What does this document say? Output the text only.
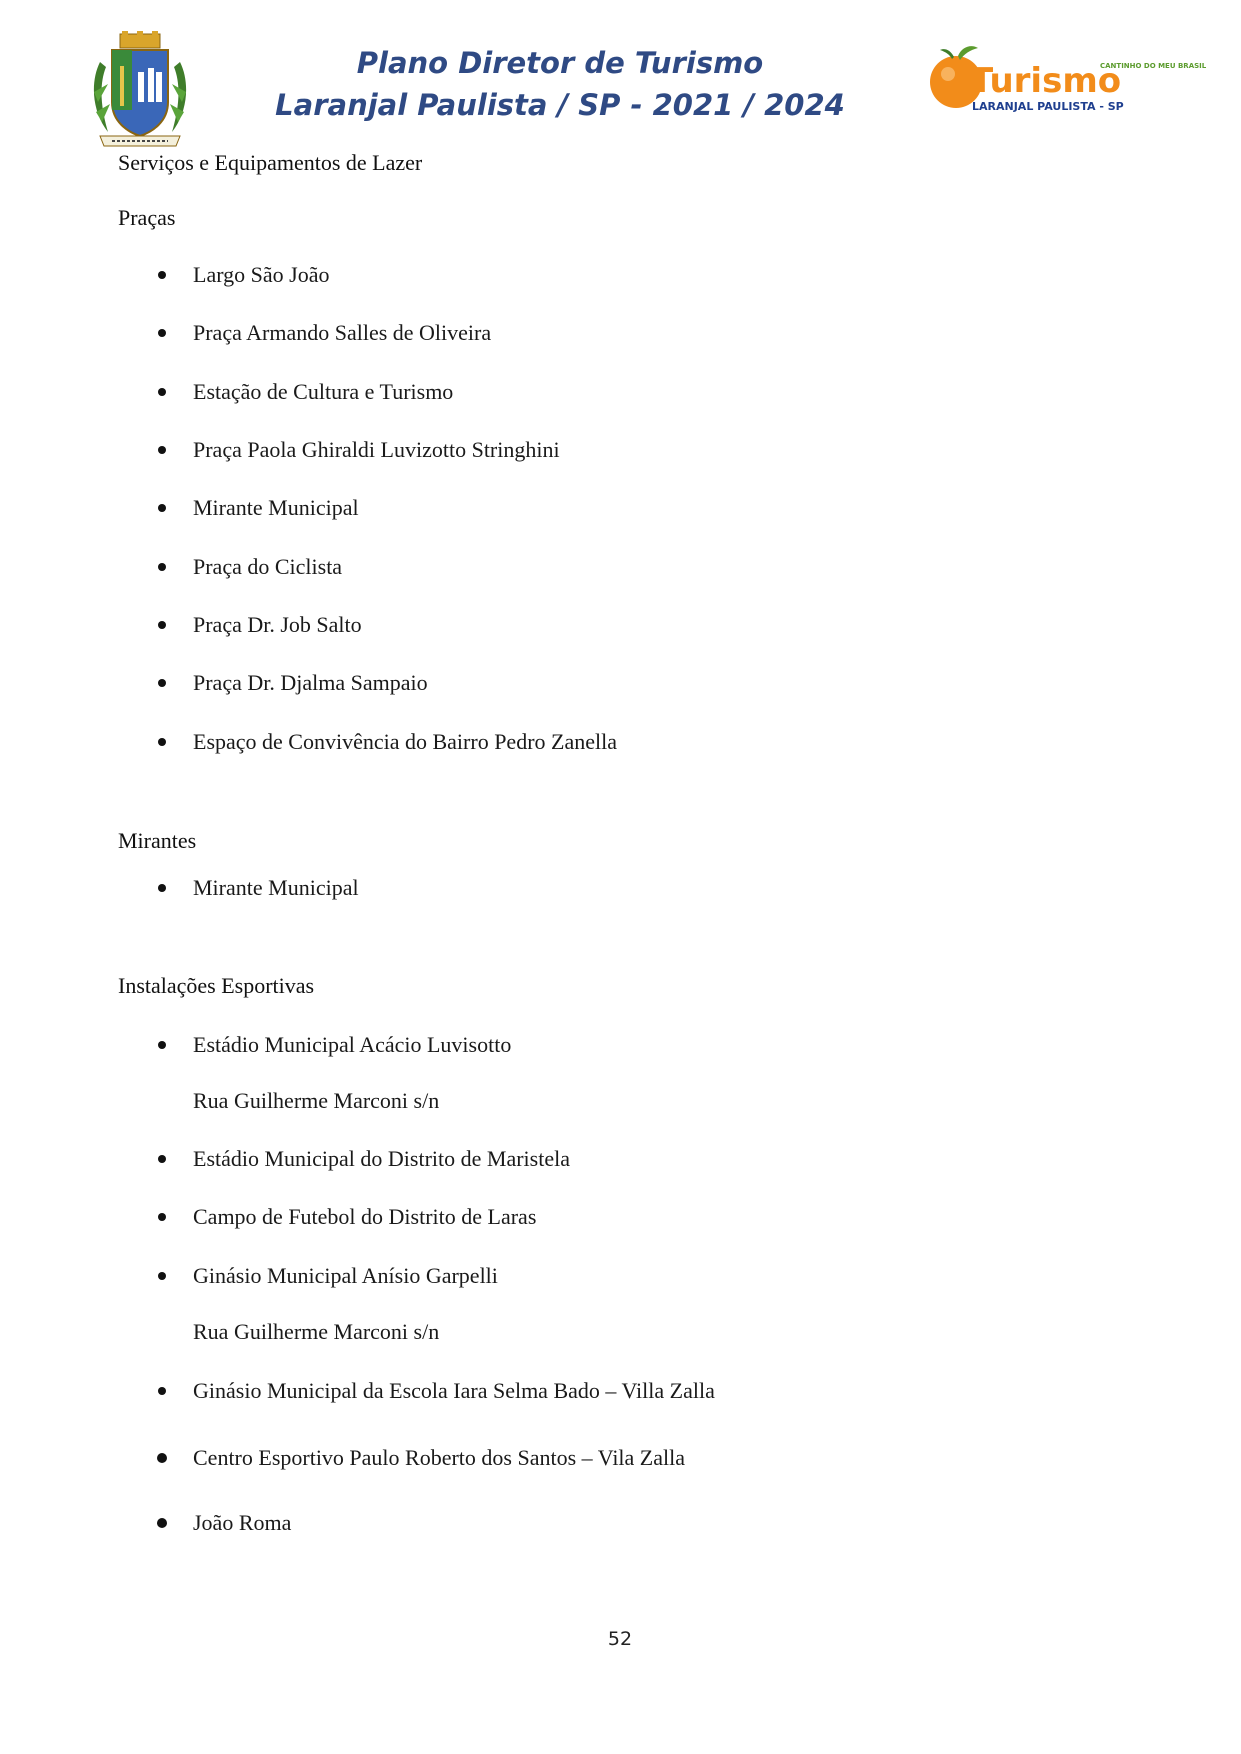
Plano Diretor de Turismo
Laranjal Paulista / SP - 2021 / 2024
Turismo
CANTINHO DO MEU BRASIL
LARANJAL PAULISTA - SP
Serviços e Equipamentos de Lazer
Praças
Largo São João
Praça Armando Salles de Oliveira
Estação de Cultura e Turismo
Praça Paola Ghiraldi Luvizotto Stringhini
Mirante Municipal
Praça do Ciclista
Praça Dr. Job Salto
Praça Dr. Djalma Sampaio
Espaço de Convivência do Bairro Pedro Zanella
Mirantes
Mirante Municipal
Instalações Esportivas
Estádio Municipal Acácio Luvisotto
Rua Guilherme Marconi s/n
Estádio Municipal do Distrito de Maristela
Campo de Futebol do Distrito de Laras
Ginásio Municipal Anísio Garpelli
Rua Guilherme Marconi s/n
Ginásio Municipal da Escola Iara Selma Bado – Villa Zalla
Centro Esportivo Paulo Roberto dos Santos – Vila Zalla
João Roma
52
